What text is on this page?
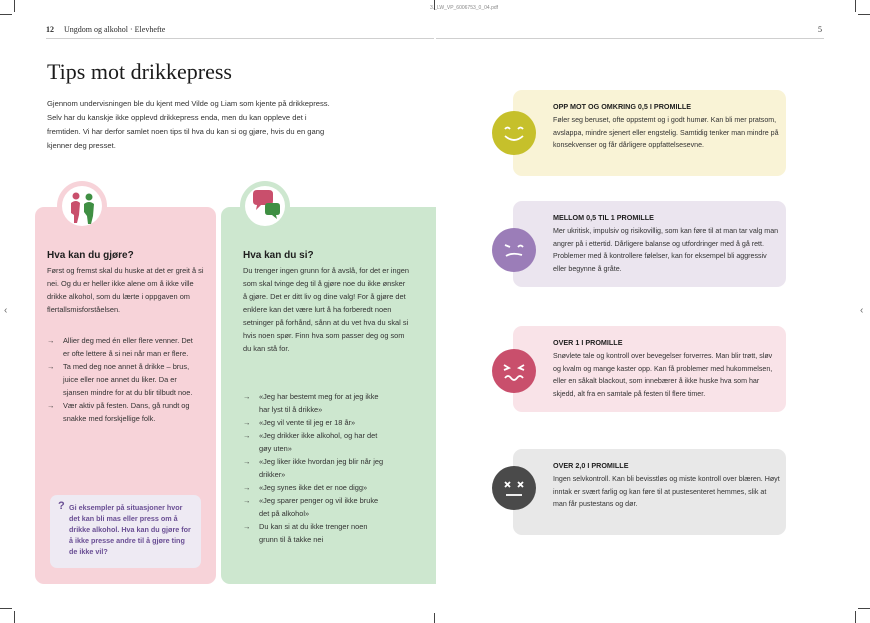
‹	‹
3._LW_VP_6006753_0_04.pdf
12 Ungdom og alkohol · Elevhefte	5
Tips mot drikkepress
Gjennom undervisningen ble du kjent med Vilde og Liam som kjente på drikkepress. Selv har du kanskje ikke opplevd drikkepress enda, men du kan oppleve det i fremtiden. Vi har derfor samlet noen tips til hva du kan si og gjøre, hvis du en gang kjenner deg presset.
Hva kan du gjøre?
Først og fremst skal du huske at det er greit å si nei. Og du er heller ikke alene om å ikke ville drikke alkohol, som du lærte i oppgaven om flertallsmisforståelsen.
→ Allier deg med én eller flere venner. Det er ofte lettere å si nei når man er flere.
→ Ta med deg noe annet å drikke – brus, juice eller noe annet du liker. Da er sjansen mindre for at du blir tilbudt noe.
→ Vær aktiv på festen. Dans, gå rundt og snakke med forskjellige folk.
? Gi eksempler på situasjoner hvor det kan bli mas eller press om å drikke alkohol. Hva kan du gjøre for å ikke presse andre til å gjøre ting de ikke vil?
Hva kan du si?
Du trenger ingen grunn for å avslå, for det er ingen som skal tvinge deg til å gjøre noe du ikke ønsker å gjøre. Det er ditt liv og dine valg! For å gjøre det enklere kan det være lurt å ha forberedt noen setninger på forhånd, sånn at du vet hva du skal si hvis noen spør. Finn hva som passer deg og som du kan stå for.
→ «Jeg har bestemt meg for at jeg ikke har lyst til å drikke»
→ «Jeg vil vente til jeg er 18 år»
→ «Jeg drikker ikke alkohol, og har det gøy uten»
→ «Jeg liker ikke hvordan jeg blir når jeg drikker»
→ «Jeg synes ikke det er noe digg»
→ «Jeg sparer penger og vil ikke bruke det på alkohol»
→ Du kan si at du ikke trenger noen grunn til å takke nei
OPP MOT OG OMKRING 0,5 I PROMILLE
Føler seg beruset, ofte oppstemt og i godt humør. Kan bli mer pratsom, avslappa, mindre sjenert eller engstelig. Samtidig tenker man mindre på konsekvenser og får dårligere oppfattelsesevne.
MELLOM 0,5 TIL 1 PROMILLE
Mer ukritisk, impulsiv og risikovillig, som kan føre til at man tar valg man angrer på i ettertid. Dårligere balanse og utfordringer med å gå rett. Problemer med å kontrollere følelser, kan for eksempel bli aggressiv eller begynne å gråte.
OVER 1 I PROMILLE
Snøvlete tale og kontroll over bevegelser forverres. Man blir trøtt, sløv og kvalm og mange kaster opp. Kan få problemer med hukommelsen, eller en såkalt blackout, som innebærer å ikke huske hva som har skjedd, alt fra en samtale på festen til flere timer.
OVER 2,0 I PROMILLE
Ingen selvkontroll. Kan bli bevisstløs og miste kontroll over blæren. Høyt inntak er svært farlig og kan føre til at pustesenteret hemmes, slik at man får pustestans og dør.
